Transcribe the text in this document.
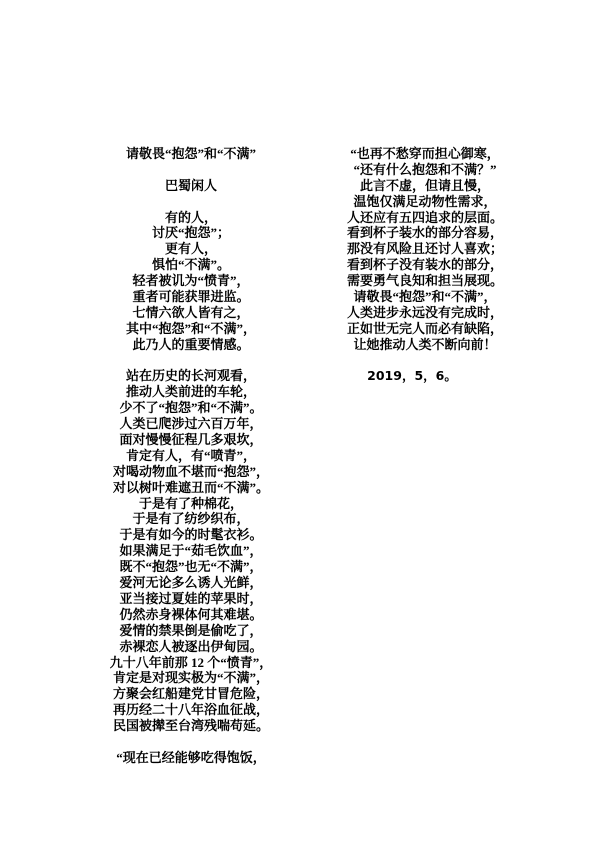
请敬畏“抱怨”和“不满”
巴蜀闲人
有的人，
讨厌“抱怨”；
更有人，
惧怕“不满”。
轻者被讥为“愤青”，
重者可能获罪进监。
七情六欲人皆有之，
其中“抱怨”和“不满”，
此乃人的重要情感。
站在历史的长河观看，
推动人类前进的车轮，
少不了“抱怨”和“不满”。
人类已爬涉过六百万年，
面对慢慢征程几多艰坎，
肯定有人，有“喷青”，
对喝动物血不堪而“抱怨”，
对以树叶难遮丑而“不满”。
于是有了种棉花，
于是有了纺纱织布，
于是有如今的时髦衣衫。
如果满足于“茹毛饮血”，
既不“抱怨”也无“不满”，
爱河无论多么诱人光鲜，
亚当接过夏娃的苹果时，
仍然赤身裸体何其难堪。
爱情的禁果倒是偷吃了，
赤裸恋人被逐出伊甸园。
九十八年前那 12 个“愤青”，
肯定是对现实极为“不满”，
方聚会红船建党甘冒危险，
再历经二十八年浴血征战，
民国被撵至台湾残喘苟延。
“现在已经能够吃得饱饭，
“也再不愁穿而担心御寒，
“还有什么抱怨和不满？”
此言不虚，但请且慢，
温饱仅满足动物性需求，
人还应有五四追求的层面。
看到杯子装水的部分容易，
那没有风险且还讨人喜欢；
看到杯子没有装水的部分，
需要勇气良知和担当展现。
请敬畏“抱怨”和“不满”，
人类进步永远没有完成时，
正如世无完人而必有缺陷，
让她推动人类不断向前！
2019，5，6。
